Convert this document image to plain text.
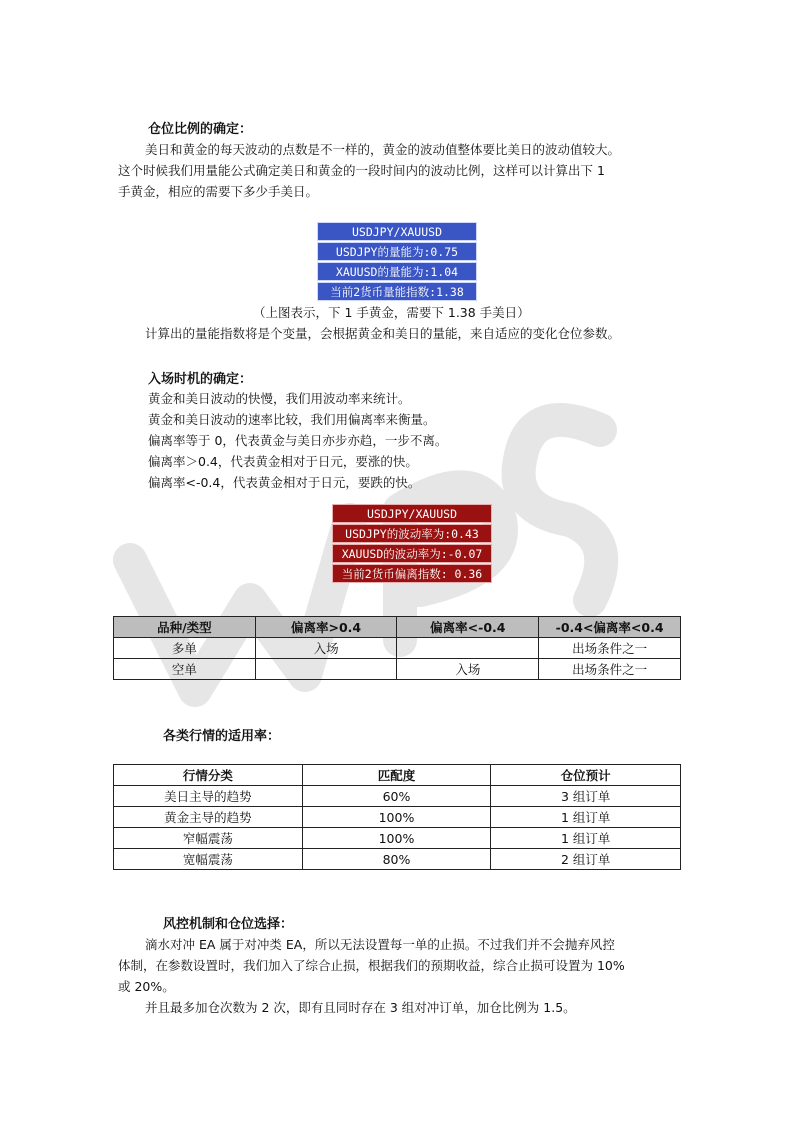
仓位比例的确定：
美日和黄金的每天波动的点数是不一样的，黄金的波动值整体要比美日的波动值较大。
这个时候我们用量能公式确定美日和黄金的一段时间内的波动比例，这样可以计算出下 1
手黄金，相应的需要下多少手美日。
USDJPY/XAUUSD
USDJPY的量能为:0.75
XAUUSD的量能为:1.04
当前2货币量能指数:1.38
（上图表示，下 1 手黄金，需要下 1.38 手美日）
计算出的量能指数将是个变量，会根据黄金和美日的量能，来自适应的变化仓位参数。
入场时机的确定：
黄金和美日波动的快慢，我们用波动率来统计。
黄金和美日波动的速率比较，我们用偏离率来衡量。
偏离率等于 0，代表黄金与美日亦步亦趋，一步不离。
偏离率＞0.4，代表黄金相对于日元，要涨的快。
偏离率<-0.4，代表黄金相对于日元，要跌的快。
USDJPY/XAUUSD
USDJPY的波动率为:0.43
XAUUSD的波动率为:-0.07
当前2货币偏离指数: 0.36
品种/类型	偏离率>0.4	偏离率<-0.4	-0.4<偏离率<0.4
多单	入场		出场条件之一
空单		入场	出场条件之一
各类行情的适用率：
行情分类	匹配度	仓位预计
美日主导的趋势	60%	3 组订单
黄金主导的趋势	100%	1 组订单
窄幅震荡	100%	1 组订单
宽幅震荡	80%	2 组订单
风控机制和仓位选择：
滴水对冲 EA 属于对冲类 EA，所以无法设置每一单的止损。不过我们并不会抛弃风控
体制，在参数设置时，我们加入了综合止损，根据我们的预期收益，综合止损可设置为 10%
或 20%。
并且最多加仓次数为 2 次，即有且同时存在 3 组对冲订单，加仓比例为 1.5。
